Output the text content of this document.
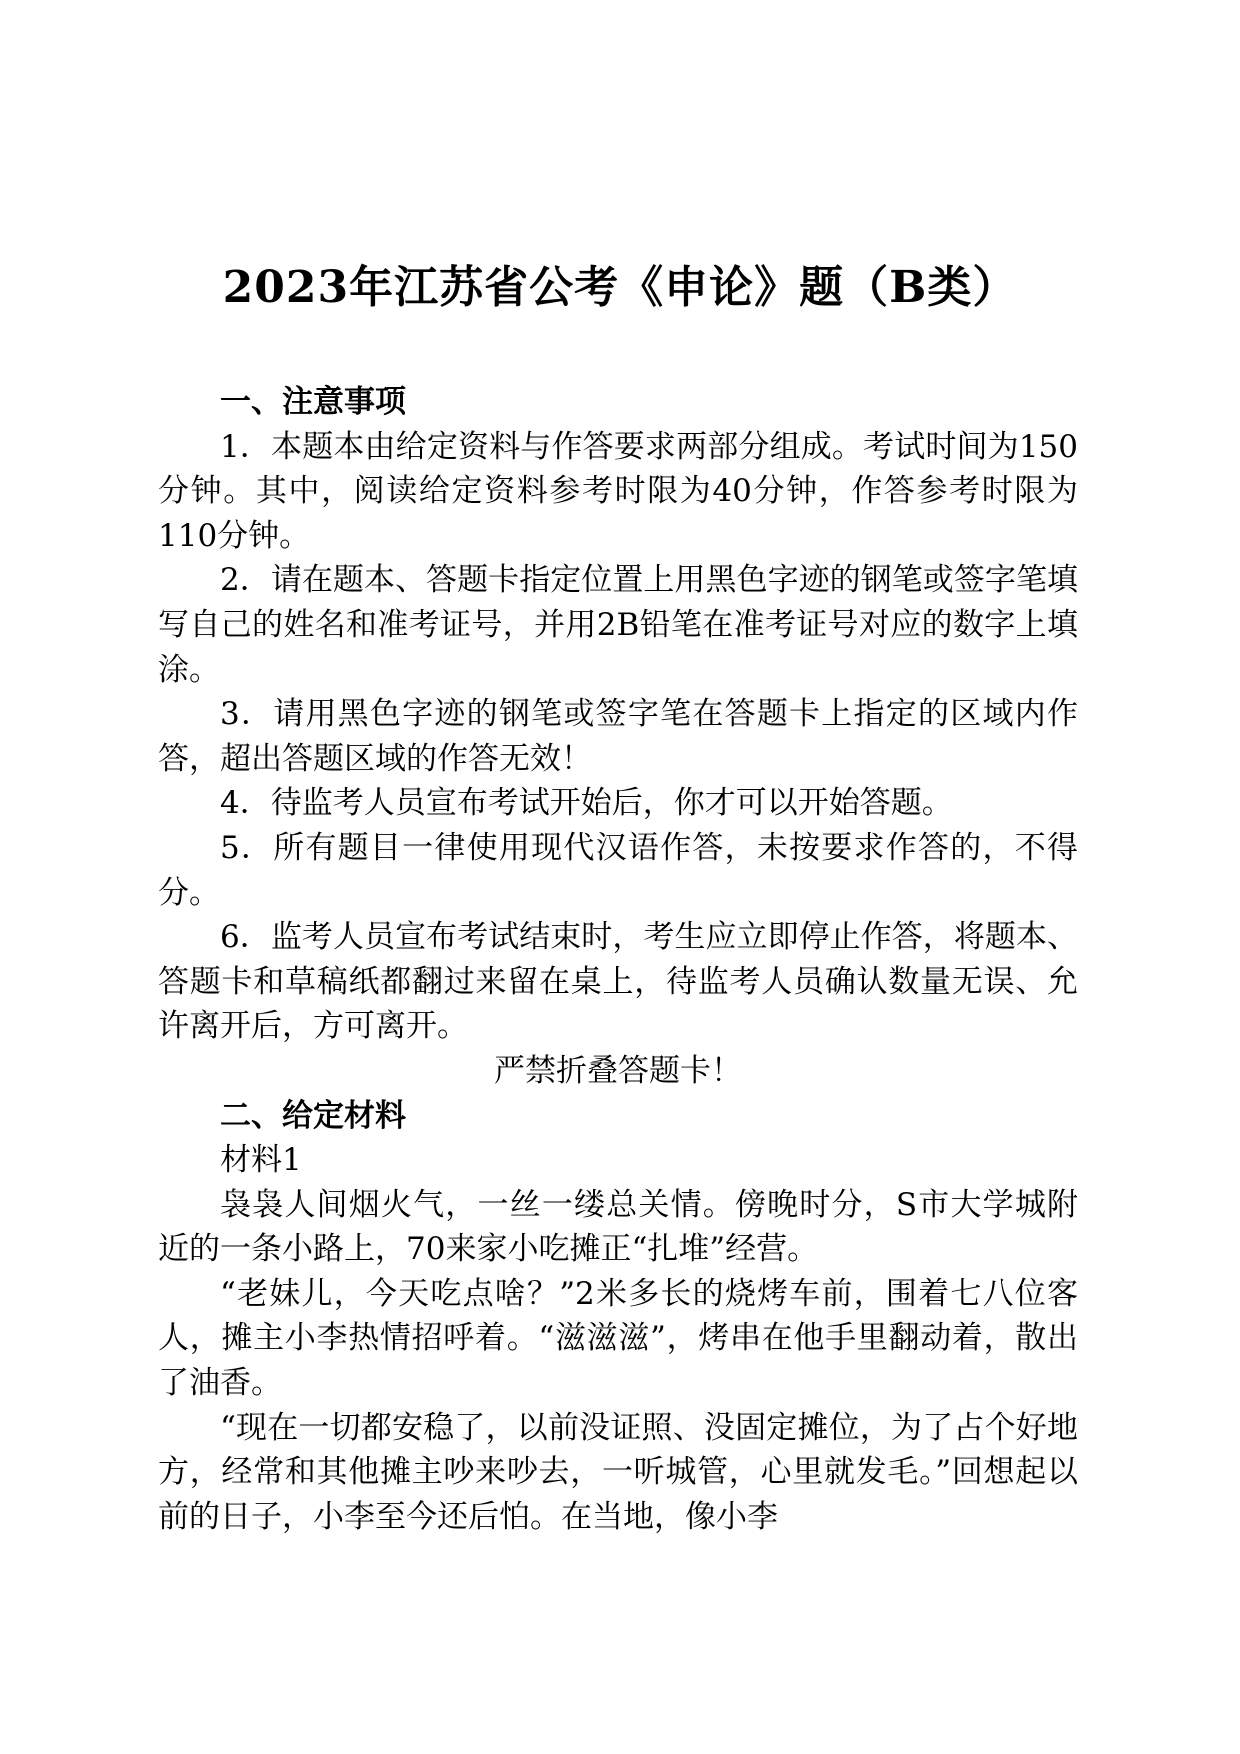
2023年江苏省公考《申论》题（B类）

一、注意事项

1．本题本由给定资料与作答要求两部分组成。考试时间为150分钟。其中，阅读给定资料参考时限为40分钟，作答参考时限为110分钟。

2．请在题本、答题卡指定位置上用黑色字迹的钢笔或签字笔填写自己的姓名和准考证号，并用2B铅笔在准考证号对应的数字上填涂。

3．请用黑色字迹的钢笔或签字笔在答题卡上指定的区域内作答，超出答题区域的作答无效！

4．待监考人员宣布考试开始后，你才可以开始答题。

5．所有题目一律使用现代汉语作答，未按要求作答的，不得分。

6．监考人员宣布考试结束时，考生应立即停止作答，将题本、答题卡和草稿纸都翻过来留在桌上，待监考人员确认数量无误、允许离开后，方可离开。

严禁折叠答题卡！

二、给定材料

材料1

袅袅人间烟火气，一丝一缕总关情。傍晚时分，S市大学城附近的一条小路上，70来家小吃摊正“扎堆”经营。

“老妹儿，今天吃点啥？”2米多长的烧烤车前，围着七八位客人，摊主小李热情招呼着。“滋滋滋”，烤串在他手里翻动着，散出了油香。

“现在一切都安稳了，以前没证照、没固定摊位，为了占个好地方，经常和其他摊主吵来吵去，一听城管，心里就发毛。”回想起以前的日子，小李至今还后怕。在当地，像小李
